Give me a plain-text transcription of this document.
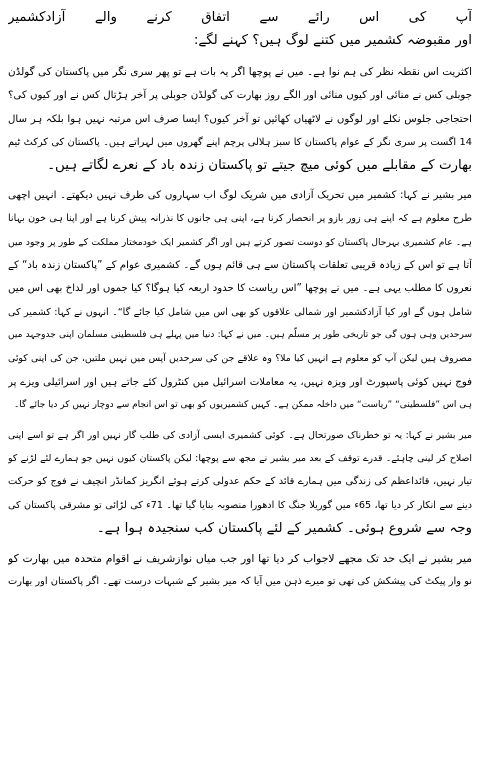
آپ کی اس رائے سے اتفاق کرنے والے آزادکشمیر
اور مقبوضہ کشمیر میں کتنے لوگ ہیں؟ کہنے لگے:
اکثریت اس نقطہ نظر کی ہم نوا ہے۔ میں نے پوچھا اگر یہ بات ہے تو پھر سری نگر میں پاکستان کی گولڈن
جوبلی کس نے منائی اور کیوں منائی اور الگے روز بھارت کی گولڈن جوبلی پر آخر ہڑتال کس نے اور کیوں کی؟
احتجاجی جلوس نکلے اور لوگوں نے لاٹھیاں کھائیں تو آخر کیوں؟ ایسا صرف اس مرتبہ نہیں ہوا بلکہ ہر سال
14 اگست پر سری نگر کے عوام پاکستان کا سبز ہلالی پرچم اپنے گھروں میں لہراتے ہیں۔ پاکستان کی کرکٹ ٹیم
بھارت کے مقابلے میں کوئی میچ جیتے تو پاکستان زندہ باد کے نعرے لگاتے ہیں۔
میر بشیر نے کہا: کشمیر میں تحریک آزادی میں شریک لوگ اب سہاروں کی طرف نہیں دیکھتے۔ انہیں اچھی
طرح معلوم ہے کہ اپنے ہی زور بازو پر انحصار کرنا ہے، اپنی ہی جانوں کا نذرانہ پیش کرنا ہے اور اپنا ہی خون بہانا
ہے۔ عام کشمیری بہرحال پاکستان کو دوست تصور کرتے ہیں اور اگر کشمیر ایک خودمختار مملکت کے طور پر وجود میں
آتا ہے تو اس کے زیادہ قریبی تعلقات پاکستان سے ہی قائم ہوں گے۔ کشمیری عوام کے ”پاکستان زندہ باد“ کے
نعروں کا مطلب یہی ہے۔ میں نے پوچھا ”اس ریاست کا حدود اربعہ کیا ہوگا؟ کیا جموں اور لداخ بھی اس میں
شامل ہوں گے اور کیا آزادکشمیر اور شمالی علاقوں کو بھی اس میں شامل کیا جائے گا“۔ انہوں نے کہا: کشمیر کی
سرحدیں وہی ہوں گی جو تاریخی طور پر مسلّم ہیں۔ میں نے کہا: دنیا میں پہلے ہی فلسطینی مسلمان اپنی جدوجہد میں
مصروف ہیں لیکن آپ کو معلوم ہے انہیں کیا ملا؟ وہ علاقے جن کی سرحدیں آپس میں نہیں ملتیں، جن کی اپنی کوئی
فوج نہیں کوئی پاسپورٹ اور ویزہ نہیں، یہ معاملات اسرائیل میں کنٹرول کئے جاتے ہیں اور اسرائیلی ویزے پر
ہی اس ”فلسطینی“ ”ریاست“ میں داخلہ ممکن ہے۔ کہیں کشمیریوں کو بھی تو اس انجام سے دوچار نہیں کر دیا جائے گا۔
میر بشیر نے کہا: یہ تو خطرناک صورتحال ہے۔ کوئی کشمیری ایسی آزادی کی طلب گار نہیں اور اگر ہے تو اسے اپنی
اصلاح کر لینی چاہئے۔ قدرے توقف کے بعد میر بشیر نے مجھ سے پوچھا: لیکن پاکستان کیوں نہیں جو ہمارے لئے لڑنے کو
تیار نہیں، قائداعظم کی زندگی میں ہمارے قائد کے حکم عدولی کرتے ہوئے انگریز کمانڈر انچیف نے فوج کو حرکت
دینے سے انکار کر دیا تھا، 65ء میں گوریلا جنگ کا ادھورا منصوبہ بنایا گیا تھا۔ 71ء کی لڑائی تو مشرقی پاکستان کی
وجہ سے شروع ہوئی۔ کشمیر کے لئے پاکستان کب سنجیدہ ہوا ہے۔
میر بشیر نے ایک حد تک مجھے لاجواب کر دیا تھا اور جب میاں نوازشریف نے اقوام متحدہ میں بھارت کو
نو وار پیکٹ کی پیشکش کی تھی تو میرے ذہن میں آیا کہ میر بشیر کے شبہات درست تھے۔ اگر پاکستان اور بھارت
